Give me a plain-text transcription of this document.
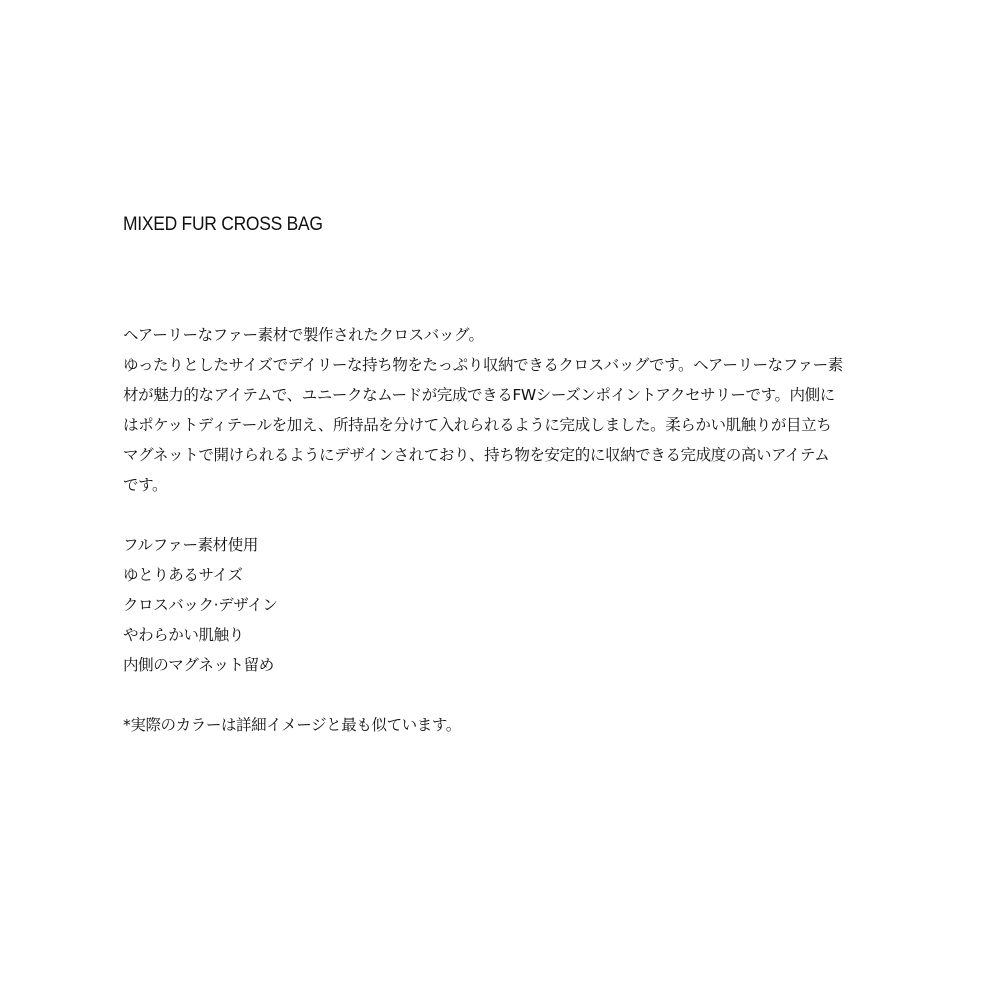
MIXED FUR CROSS BAG
ヘアーリーなファー素材で製作されたクロスバッグ。
ゆったりとしたサイズでデイリーな持ち物をたっぷり収納できるクロスバッグです。ヘアーリーなファー素
材が魅力的なアイテムで、ユニークなムードが完成できるFWシーズンポイントアクセサリーです。内側に
はポケットディテールを加え、所持品を分けて入れられるように完成しました。柔らかい肌触りが目立ち
マグネットで開けられるようにデザインされており、持ち物を安定的に収納できる完成度の高いアイテム
です。
フルファー素材使用
ゆとりあるサイズ
クロスバック·デザイン
やわらかい肌触り
内側のマグネット留め
*実際のカラーは詳細イメージと最も似ています。
